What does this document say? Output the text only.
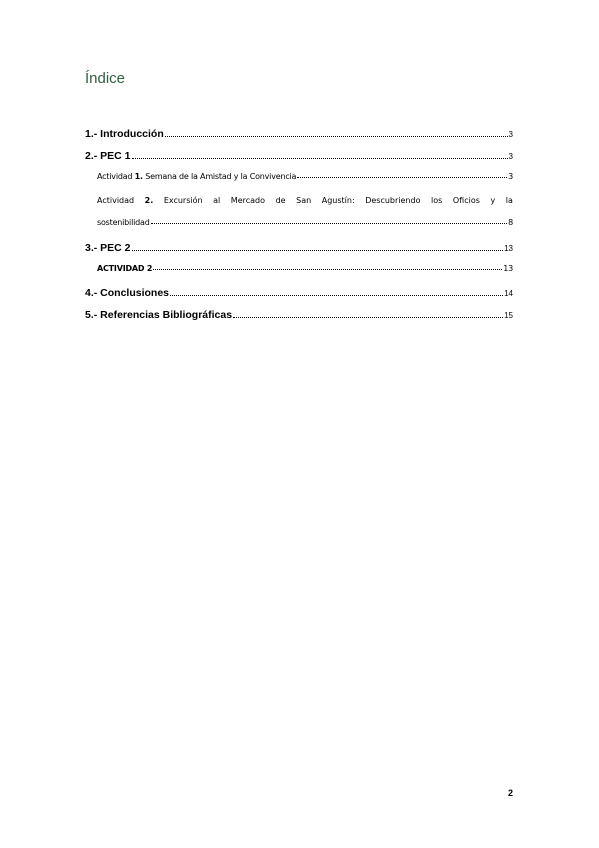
Índice
1.- Introducción	3
2.- PEC 1	3
Actividad 1. Semana de la Amistad y la Convivencia	3
Actividad 2. Excursión al Mercado de San Agustín: Descubriendo los Oficios y la
sostenibilidad	8
3.- PEC 2	13
ACTIVIDAD 2	13
4.- Conclusiones	14
5.- Referencias Bibliográficas	15
2
